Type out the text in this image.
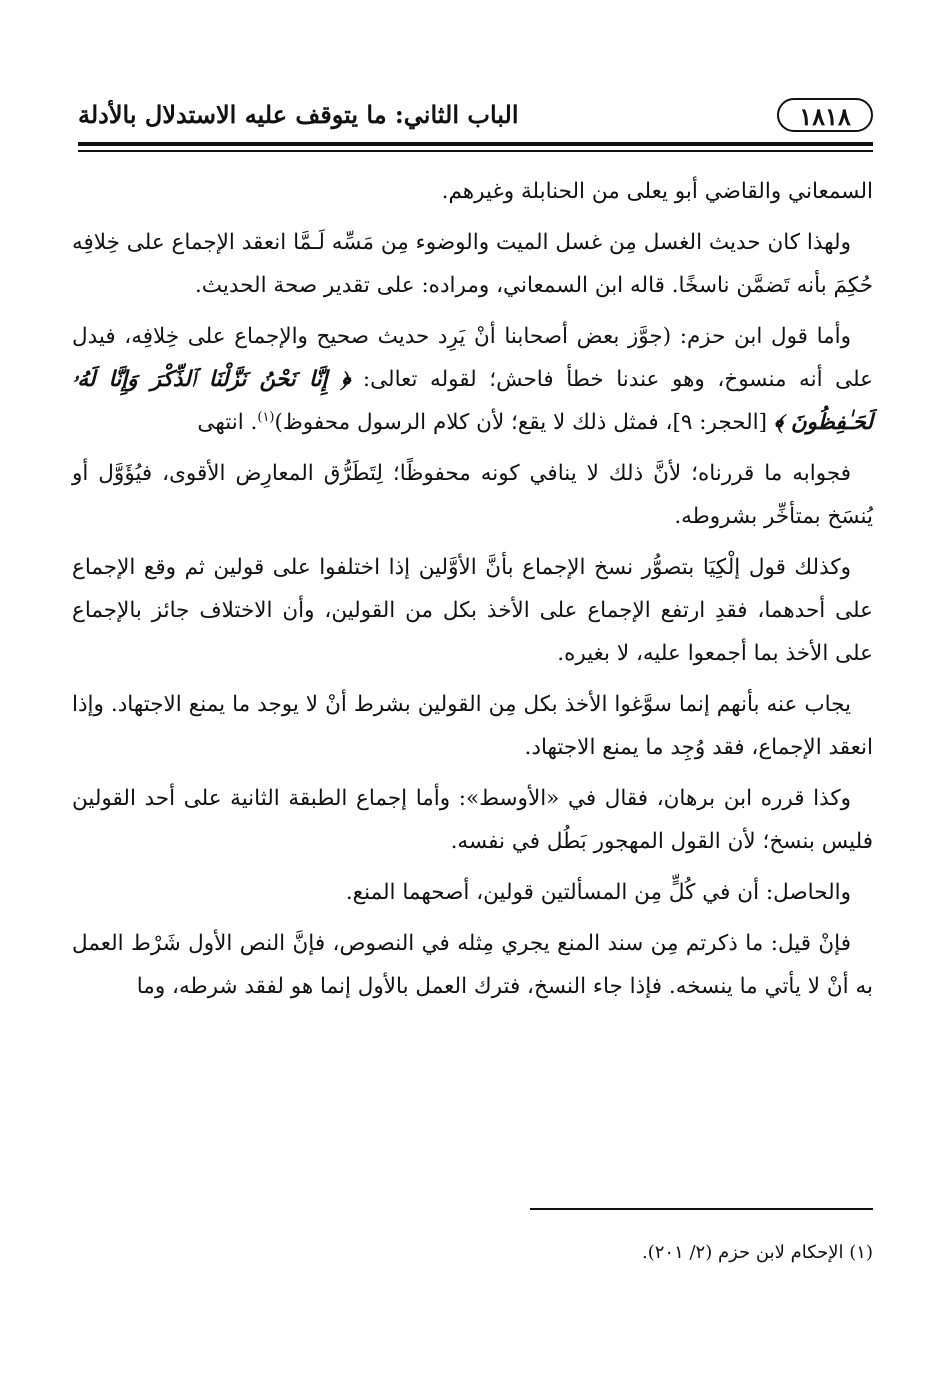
١٨١٨
الباب الثاني: ما يتوقف عليه الاستدلال بالأدلة

السمعاني والقاضي أبو يعلى من الحنابلة وغيرهم.

ولهذا كان حديث الغسل مِن غسل الميت والوضوء مِن مَسِّه لَـمَّا انعقد الإجماع على خِلافِه حُكِمَ بأنه تَضمَّن ناسخًا. قاله ابن السمعاني، ومراده: على تقدير صحة الحديث.

وأما قول ابن حزم: (جوَّز بعض أصحابنا أنْ يَرِد حديث صحيح والإجماع على خِلافِه، فيدل على أنه منسوخ، وهو عندنا خطأ فاحش؛ لقوله تعالى: ﴿ إِنَّا نَحْنُ نَزَّلْنَا ٱلذِّكْرَ وَإِنَّا لَهُۥ لَحَـٰفِظُونَ ﴾ [الحجر: ٩]، فمثل ذلك لا يقع؛ لأن كلام الرسول محفوظ)$^{(١)}$. انتهى

فجوابه ما قررناه؛ لأنَّ ذلك لا ينافي كونه محفوظًا؛ لِتَطَرُّق المعارِض الأقوى، فيُؤَوَّل أو يُنسَخ بمتأخِّر بشروطه.

وكذلك قول إلْكِيَا بتصوُّر نسخ الإجماع بأنَّ الأوَّلين إذا اختلفوا على قولين ثم وقع الإجماع على أحدهما، فقدِ ارتفع الإجماع على الأخذ بكل من القولين، وأن الاختلاف جائز بالإجماع على الأخذ بما أجمعوا عليه، لا بغيره.

يجاب عنه بأنهم إنما سوَّغوا الأخذ بكل مِن القولين بشرط أنْ لا يوجد ما يمنع الاجتهاد. وإذا انعقد الإجماع، فقد وُجِد ما يمنع الاجتهاد.

وكذا قرره ابن برهان، فقال في «الأوسط»: وأما إجماع الطبقة الثانية على أحد القولين فليس بنسخ؛ لأن القول المهجور بَطُل في نفسه.

والحاصل: أن في كُلٍّ مِن المسألتين قولين، أصحهما المنع.

فإنْ قيل: ما ذكرتم مِن سند المنع يجري مِثله في النصوص، فإنَّ النص الأول شَرْط العمل به أنْ لا يأتي ما ينسخه. فإذا جاء النسخ، فترك العمل بالأول إنما هو لفقد شرطه، وما

(١) الإحكام لابن حزم (٢/ ٢٠١).
